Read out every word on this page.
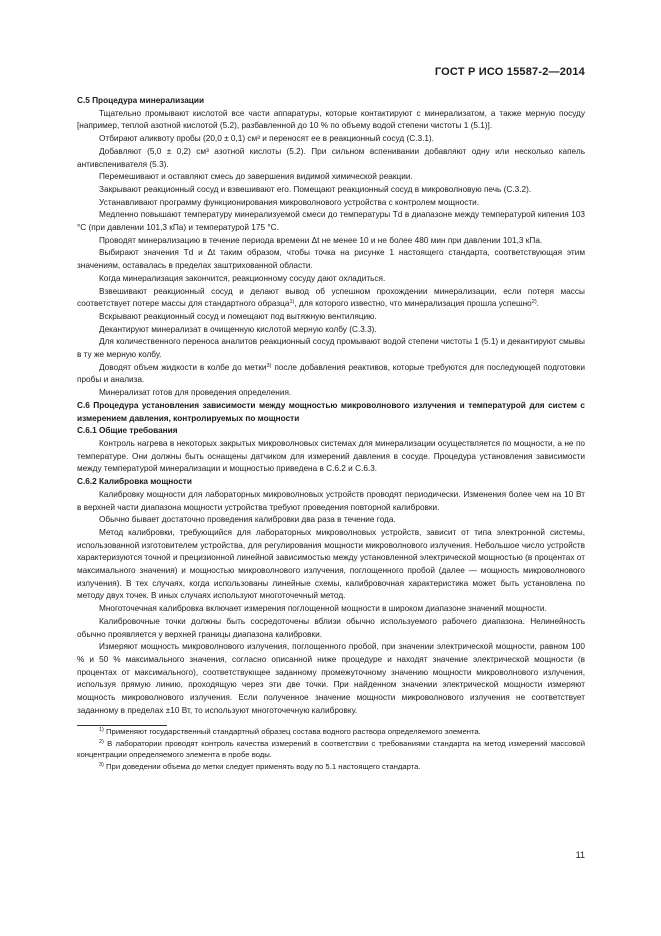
ГОСТ Р ИСО 15587-2—2014

С.5 Процедура минерализации

Тщательно промывают кислотой все части аппаратуры, которые контактируют с минерализатом, а также мерную посуду [например, теплой азотной кислотой (5.2), разбавленной до 10 % по объему водой степени чистоты 1 (5.1)].

Отбирают аликвоту пробы (20,0 ± 0,1) см³ и переносят ее в реакционный сосуд (С.3.1).

Добавляют (5,0 ± 0,2) см³ азотной кислоты (5.2). При сильном вспенивании добавляют одну или несколько капель антивспенивателя (5.3).

Перемешивают и оставляют смесь до завершения видимой химической реакции.

Закрывают реакционный сосуд и взвешивают его. Помещают реакционный сосуд в микроволновую печь (С.3.2).

Устанавливают программу функционирования микроволнового устройства с контролем мощности.

Медленно повышают температуру минерализуемой смеси до температуры Тd в диапазоне между температурой кипения 103 °С (при давлении 101,3 кПа) и температурой 175 °С.

Проводят минерализацию в течение периода времени Δt не менее 10 и не более 480 мин при давлении 101,3 кПа.

Выбирают значения Тd и Δt таким образом, чтобы точка на рисунке 1 настоящего стандарта, соответствующая этим значениям, оставалась в пределах заштрихованной области.

Когда минерализация закончится, реакционному сосуду дают охладиться.

Взвешивают реакционный сосуд и делают вывод об успешном прохождении минерализации, если потеря массы соответствует потере массы для стандартного образца$^{1)}$, для которого известно, что минерализация прошла успешно$^{2)}$.

Вскрывают реакционный сосуд и помещают под вытяжную вентиляцию.

Декантируют минерализат в очищенную кислотой мерную колбу (С.3.3).

Для количественного переноса аналитов реакционный сосуд промывают водой степени чистоты 1 (5.1) и декантируют смывы в ту же мерную колбу.

Доводят объем жидкости в колбе до метки$^{3)}$ после добавления реактивов, которые требуются для последующей подготовки пробы и анализа.

Минерализат готов для проведения определения.

С.6 Процедура установления зависимости между мощностью микроволнового излучения и температурой для систем с измерением давления, контролируемых по мощности

С.6.1 Общие требования

Контроль нагрева в некоторых закрытых микроволновых системах для минерализации осуществляется по мощности, а не по температуре. Они должны быть оснащены датчиком для измерений давления в сосуде. Процедура установления зависимости между температурой минерализации и мощностью приведена в С.6.2 и С.6.3.

С.6.2 Калибровка мощности

Калибровку мощности для лабораторных микроволновых устройств проводят периодически. Изменения более чем на 10 Вт в верхней части диапазона мощности устройства требуют проведения повторной калибровки.

Обычно бывает достаточно проведения калибровки два раза в течение года.

Метод калибровки, требующийся для лабораторных микроволновых устройств, зависит от типа электронной системы, использованной изготовителем устройства, для регулирования мощности микроволнового излучения. Небольшое число устройств характеризуются точной и прецизионной линейной зависимостью между установленной электрической мощностью (в процентах от максимального значения) и мощностью микроволнового излучения, поглощенного пробой (далее — мощность микроволнового излучения). В тех случаях, когда использованы линейные схемы, калибровочная характеристика может быть установлена по методу двух точек. В иных случаях используют многоточечный метод.

Многоточечная калибровка включает измерения поглощенной мощности в широком диапазоне значений мощности.

Калибровочные точки должны быть сосредоточены вблизи обычно используемого рабочего диапазона. Нелинейность обычно проявляется у верхней границы диапазона калибровки.

Измеряют мощность микроволнового излучения, поглощенного пробой, при значении электрической мощности, равном 100 % и 50 % максимального значения, согласно описанной ниже процедуре и находят значение электрической мощности (в процентах от максимального), соответствующее заданному промежуточному значению мощности микроволнового излучения, используя прямую линию, проходящую через эти две точки. При найденном значении электрической мощности измеряют мощность микроволнового излучения. Если полученное значение мощности микроволнового излучения не соответствует заданному в пределах ±10 Вт, то используют многоточечную калибровку.

$^{1)}$ Применяют государственный стандартный образец состава водного раствора определяемого элемента.

$^{2)}$ В лаборатории проводят контроль качества измерений в соответствии с требованиями стандарта на метод измерений массовой концентрации определяемого элемента в пробе воды.

$^{3)}$ При доведении объема до метки следует применять воду по 5.1 настоящего стандарта.

11
